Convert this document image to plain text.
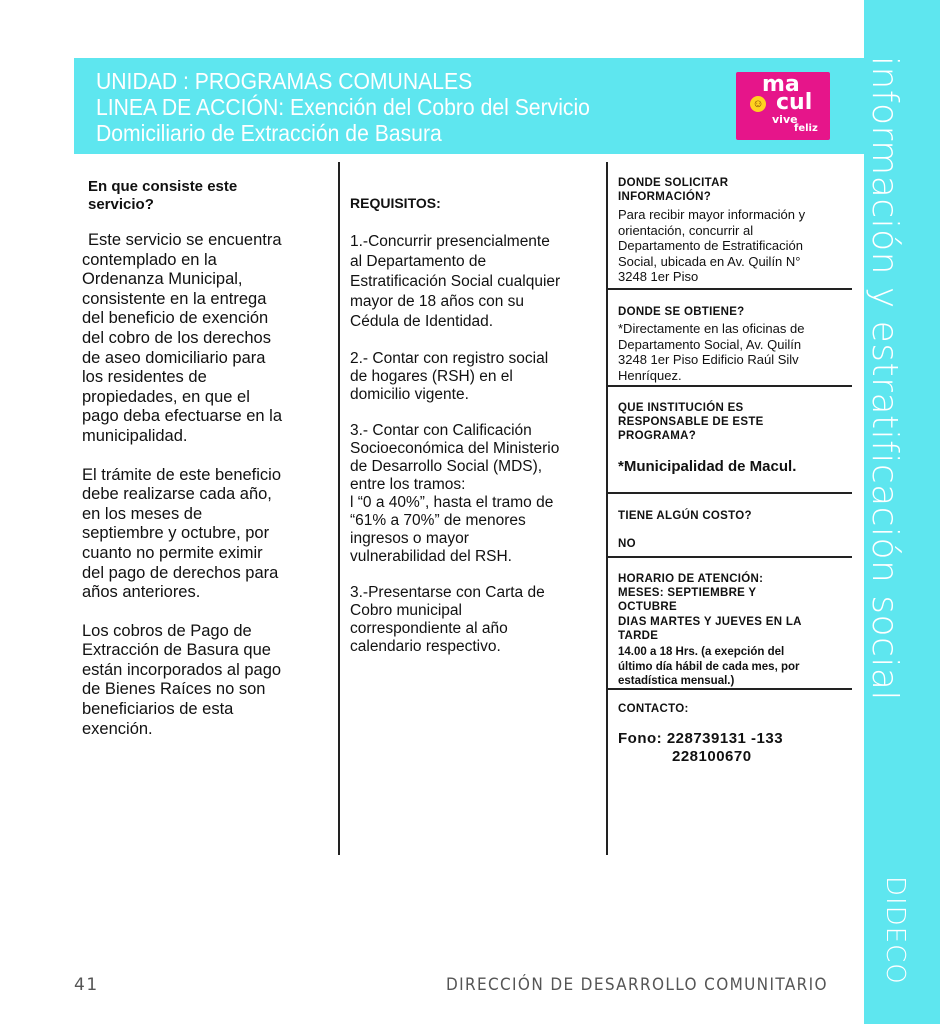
información y estratificación social
DIDECO
UNIDAD : PROGRAMAS COMUNALES
LINEA DE ACCIÓN: Exención del Cobro del Servicio
Domiciliario de Extracción de Basura
ma
cul
vive
feliz
☺

En que consiste este
servicio?

Este servicio se encuentra
contemplado en la
Ordenanza Municipal,
consistente en la entrega
del beneficio de exención
del cobro de los derechos
de aseo domiciliario para
los residentes de
propiedades, en que el
pago deba efectuarse en la
municipalidad.

El trámite de este beneficio
debe realizarse cada año,
en los meses de
septiembre y octubre, por
cuanto no permite eximir
del pago de derechos para
años anteriores.

Los cobros de Pago de
Extracción de Basura que
están incorporados al pago
de Bienes Raíces no son
beneficiarios de esta
exención.

REQUISITOS:

1.-Concurrir presencialmente
al Departamento de
Estratificación Social cualquier
mayor de 18 años con su
Cédula de Identidad.

2.- Contar con registro social
de hogares (RSH) en el
domicilio vigente.

3.- Contar con Calificación
Socioeconómica del Ministerio
de Desarrollo Social (MDS),
entre los tramos:
l “0 a 40%”, hasta el tramo de
“61% a 70%” de menores
ingresos o mayor
vulnerabilidad del RSH.

3.-Presentarse con Carta de
Cobro municipal
correspondiente al año
calendario respectivo.

DONDE SOLICITAR
INFORMACIÓN?

Para recibir mayor información y
orientación, concurrir al
Departamento de Estratificación
Social, ubicada en Av. Quilín N°
3248 1er Piso

DONDE SE OBTIENE?

*Directamente en las oficinas de
Departamento Social, Av. Quilín
3248 1er Piso Edificio Raúl Silv
Henríquez.

QUE INSTITUCIÓN ES
RESPONSABLE DE ESTE
PROGRAMA?

*Municipalidad de Macul.

TIENE ALGÚN COSTO?

NO

HORARIO DE ATENCIÓN:

MESES: SEPTIEMBRE Y
OCTUBRE

DIAS MARTES Y JUEVES EN LA
TARDE

14.00 a 18 Hrs. (a exepción del
último día hábil de cada mes, por
estadística mensual.)

CONTACTO:

Fono: 228739131 -133

228100670

41	DIRECCIÓN DE DESARROLLO COMUNITARIO
